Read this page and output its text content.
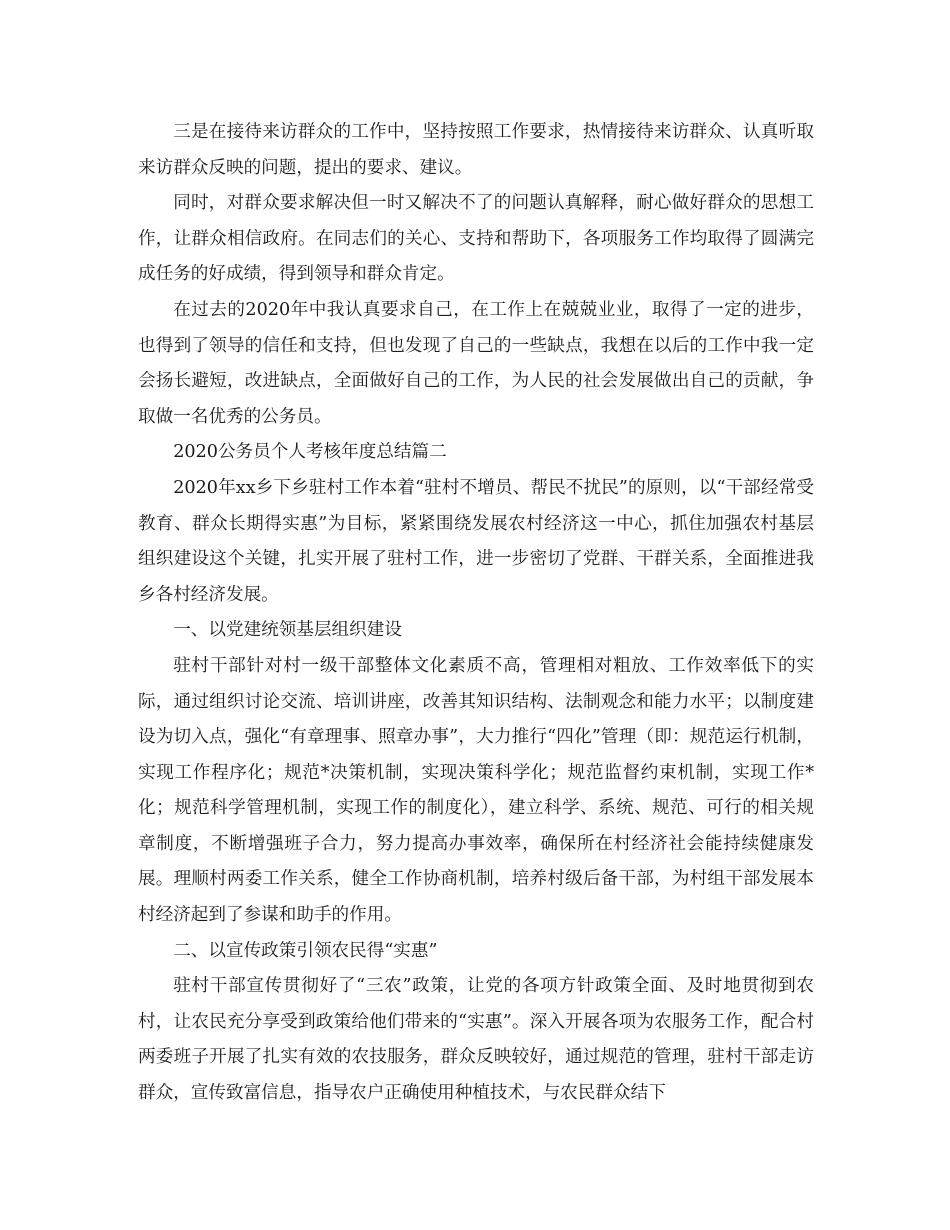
三是在接待来访群众的工作中，坚持按照工作要求，热情接待来访群众、认真听取来访群众反映的问题，提出的要求、建议。

同时，对群众要求解决但一时又解决不了的问题认真解释，耐心做好群众的思想工作，让群众相信政府。在同志们的关心、支持和帮助下，各项服务工作均取得了圆满完成任务的好成绩，得到领导和群众肯定。

在过去的2020年中我认真要求自己，在工作上在兢兢业业，取得了一定的进步，也得到了领导的信任和支持，但也发现了自己的一些缺点，我想在以后的工作中我一定会扬长避短，改进缺点，全面做好自己的工作，为人民的社会发展做出自己的贡献，争取做一名优秀的公务员。

2020公务员个人考核年度总结篇二

2020年xx乡下乡驻村工作本着“驻村不增员、帮民不扰民”的原则，以“干部经常受教育、群众长期得实惠”为目标，紧紧围绕发展农村经济这一中心，抓住加强农村基层组织建设这个关键，扎实开展了驻村工作，进一步密切了党群、干群关系，全面推进我乡各村经济发展。

一、以党建统领基层组织建设

驻村干部针对村一级干部整体文化素质不高，管理相对粗放、工作效率低下的实际，通过组织讨论交流、培训讲座，改善其知识结构、法制观念和能力水平；以制度建设为切入点，强化“有章理事、照章办事”，大力推行“四化”管理（即：规范运行机制，实现工作程序化；规范*决策机制，实现决策科学化；规范监督约束机制，实现工作*化；规范科学管理机制，实现工作的制度化），建立科学、系统、规范、可行的相关规章制度，不断增强班子合力，努力提高办事效率，确保所在村经济社会能持续健康发展。理顺村两委工作关系，健全工作协商机制，培养村级后备干部，为村组干部发展本村经济起到了参谋和助手的作用。

二、以宣传政策引领农民得“实惠”

驻村干部宣传贯彻好了“三农”政策，让党的各项方针政策全面、及时地贯彻到农村，让农民充分享受到政策给他们带来的“实惠”。深入开展各项为农服务工作，配合村两委班子开展了扎实有效的农技服务，群众反映较好，通过规范的管理，驻村干部走访群众，宣传致富信息，指导农户正确使用种植技术，与农民群众结下
